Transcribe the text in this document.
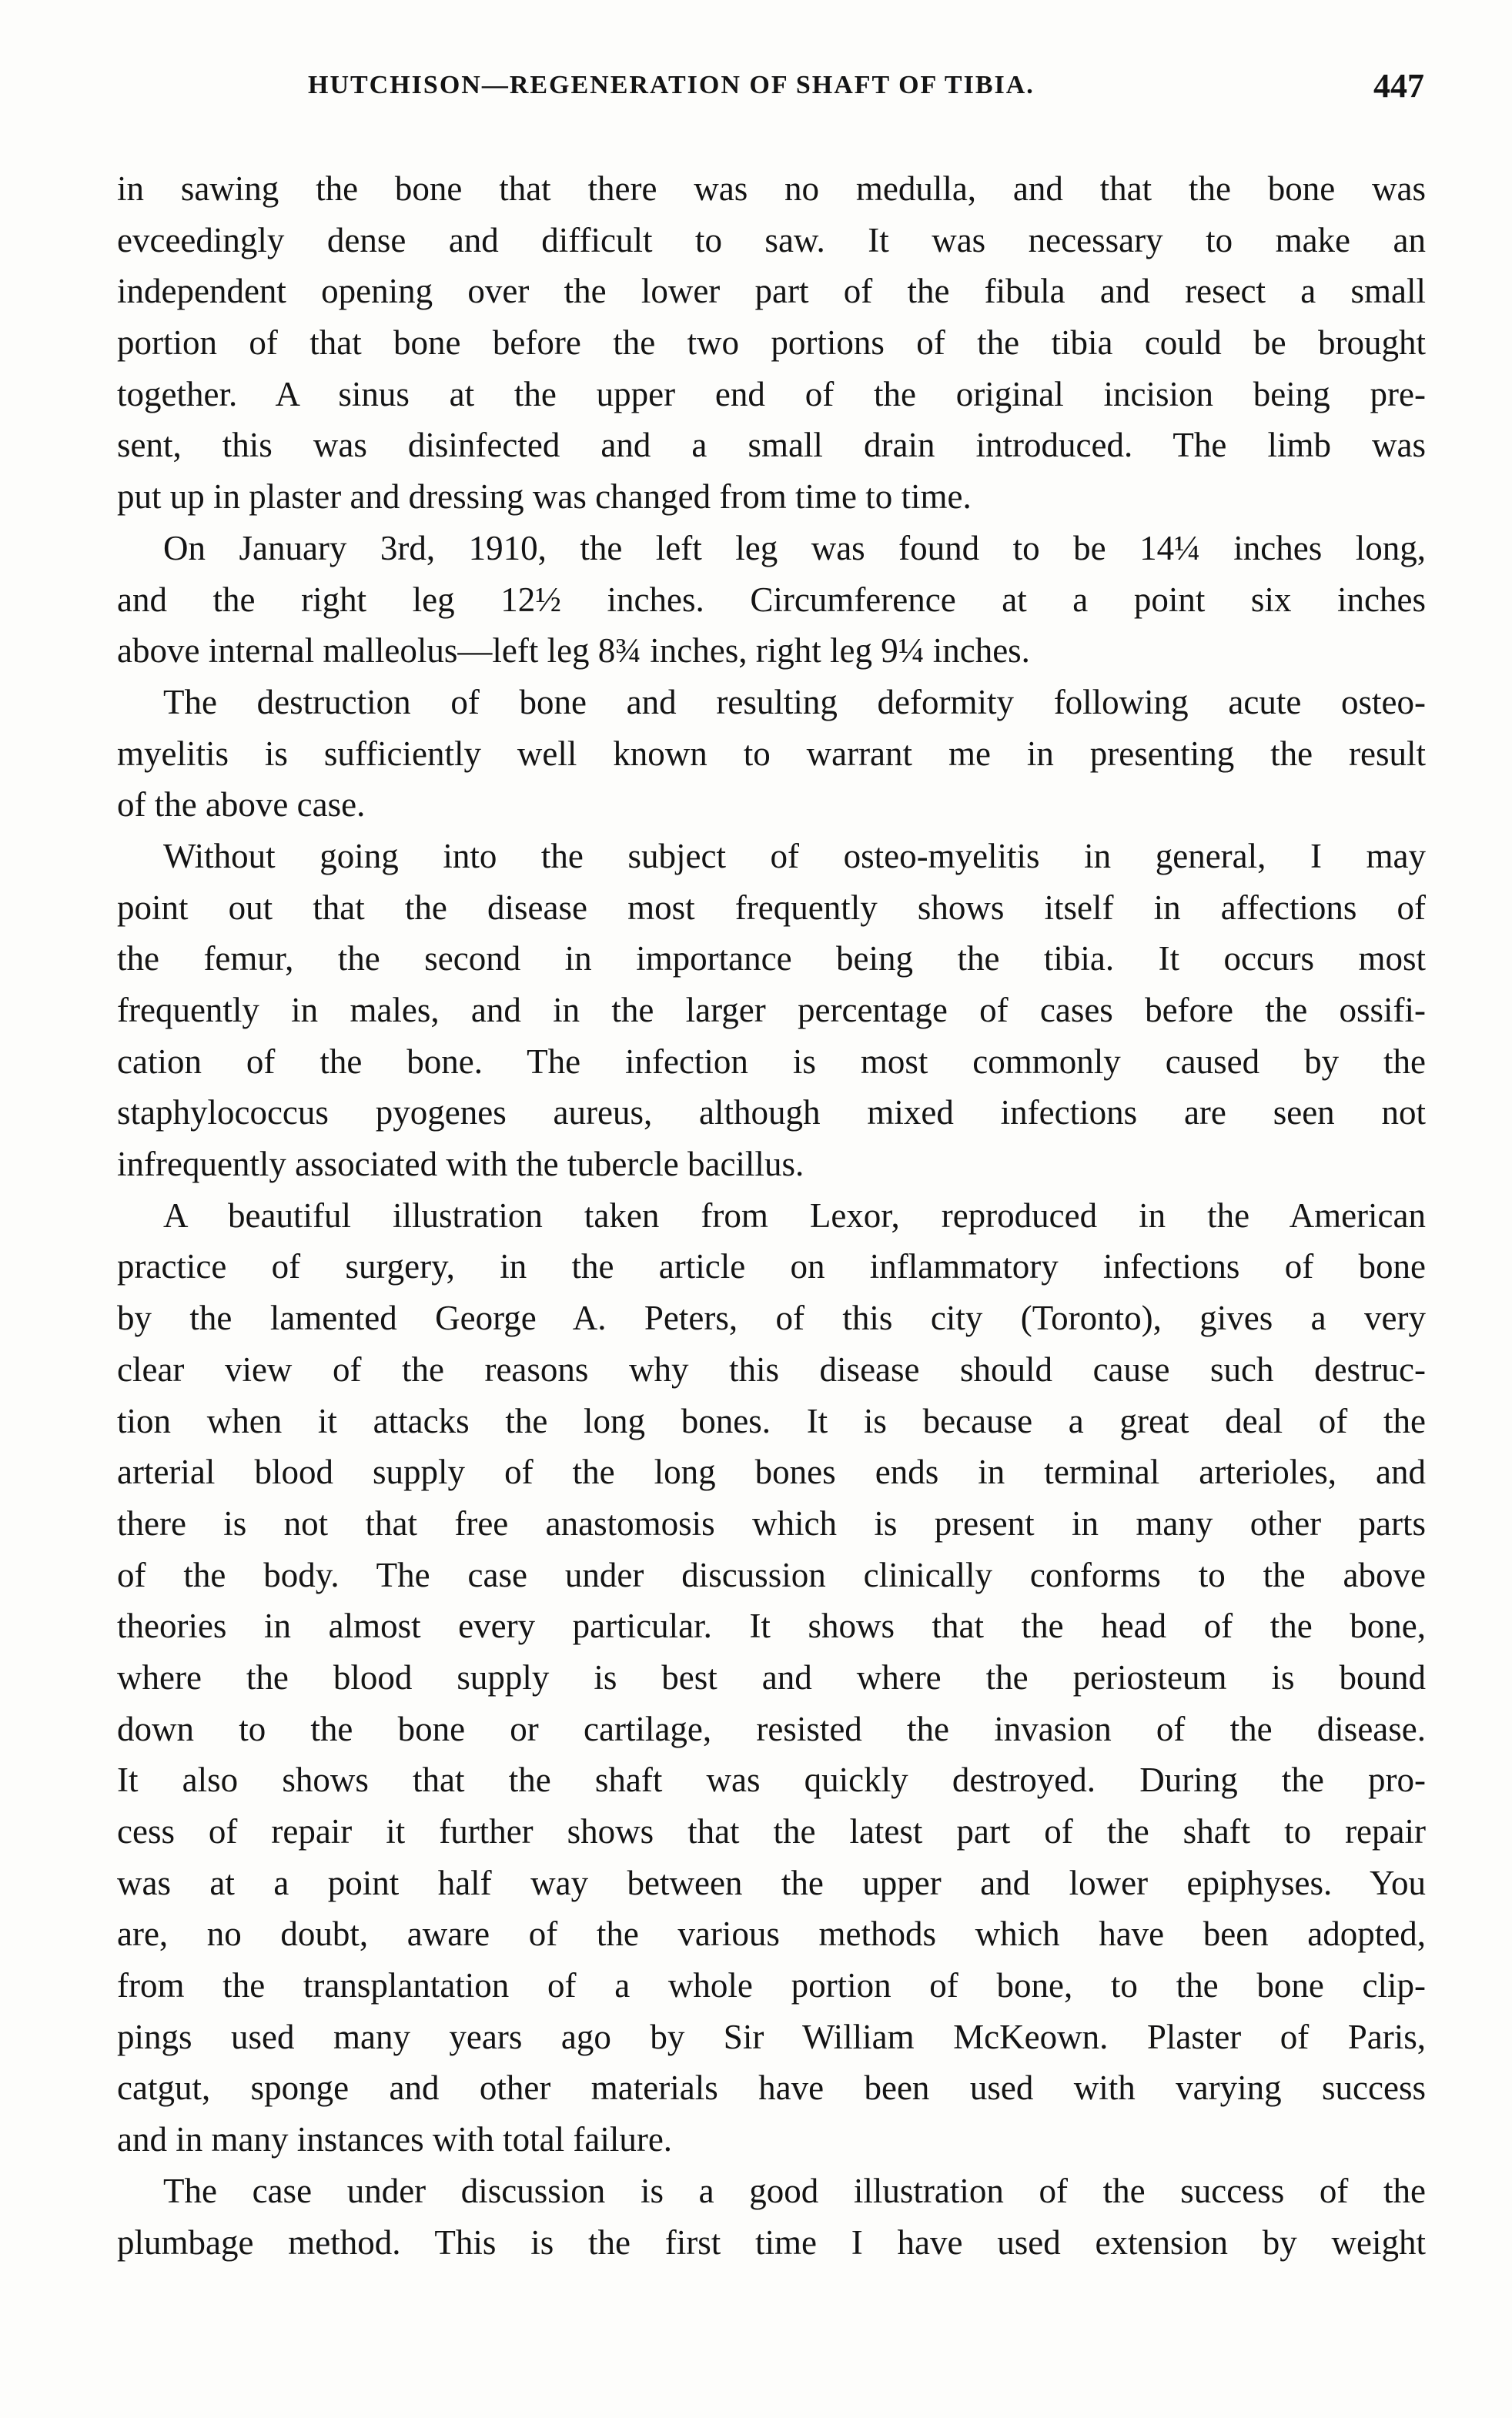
HUTCHISON—REGENERATION OF SHAFT OF TIBIA.	447
in sawing the bone that there was no medulla, and that the bone was
evceedingly dense and difficult to saw. It was necessary to make an
independent opening over the lower part of the fibula and resect a small
portion of that bone before the two portions of the tibia could be brought
together. A sinus at the upper end of the original incision being pre-
sent, this was disinfected and a small drain introduced. The limb was
put up in plaster and dressing was changed from time to time.
On January 3rd, 1910, the left leg was found to be 14¼ inches long,
and the right leg 12½ inches. Circumference at a point six inches
above internal malleolus—left leg 8¾ inches, right leg 9¼ inches.
The destruction of bone and resulting deformity following acute osteo-
myelitis is sufficiently well known to warrant me in presenting the result
of the above case.
Without going into the subject of osteo-myelitis in general, I may
point out that the disease most frequently shows itself in affections of
the femur, the second in importance being the tibia. It occurs most
frequently in males, and in the larger percentage of cases before the ossifi-
cation of the bone. The infection is most commonly caused by the
staphylococcus pyogenes aureus, although mixed infections are seen not
infrequently associated with the tubercle bacillus.
A beautiful illustration taken from Lexor, reproduced in the American
practice of surgery, in the article on inflammatory infections of bone
by the lamented George A. Peters, of this city (Toronto), gives a very
clear view of the reasons why this disease should cause such destruc-
tion when it attacks the long bones. It is because a great deal of the
arterial blood supply of the long bones ends in terminal arterioles, and
there is not that free anastomosis which is present in many other parts
of the body. The case under discussion clinically conforms to the above
theories in almost every particular. It shows that the head of the bone,
where the blood supply is best and where the periosteum is bound
down to the bone or cartilage, resisted the invasion of the disease.
It also shows that the shaft was quickly destroyed. During the pro-
cess of repair it further shows that the latest part of the shaft to repair
was at a point half way between the upper and lower epiphyses. You
are, no doubt, aware of the various methods which have been adopted,
from the transplantation of a whole portion of bone, to the bone clip-
pings used many years ago by Sir William McKeown. Plaster of Paris,
catgut, sponge and other materials have been used with varying success
and in many instances with total failure.
The case under discussion is a good illustration of the success of the
plumbage method. This is the first time I have used extension by weight
